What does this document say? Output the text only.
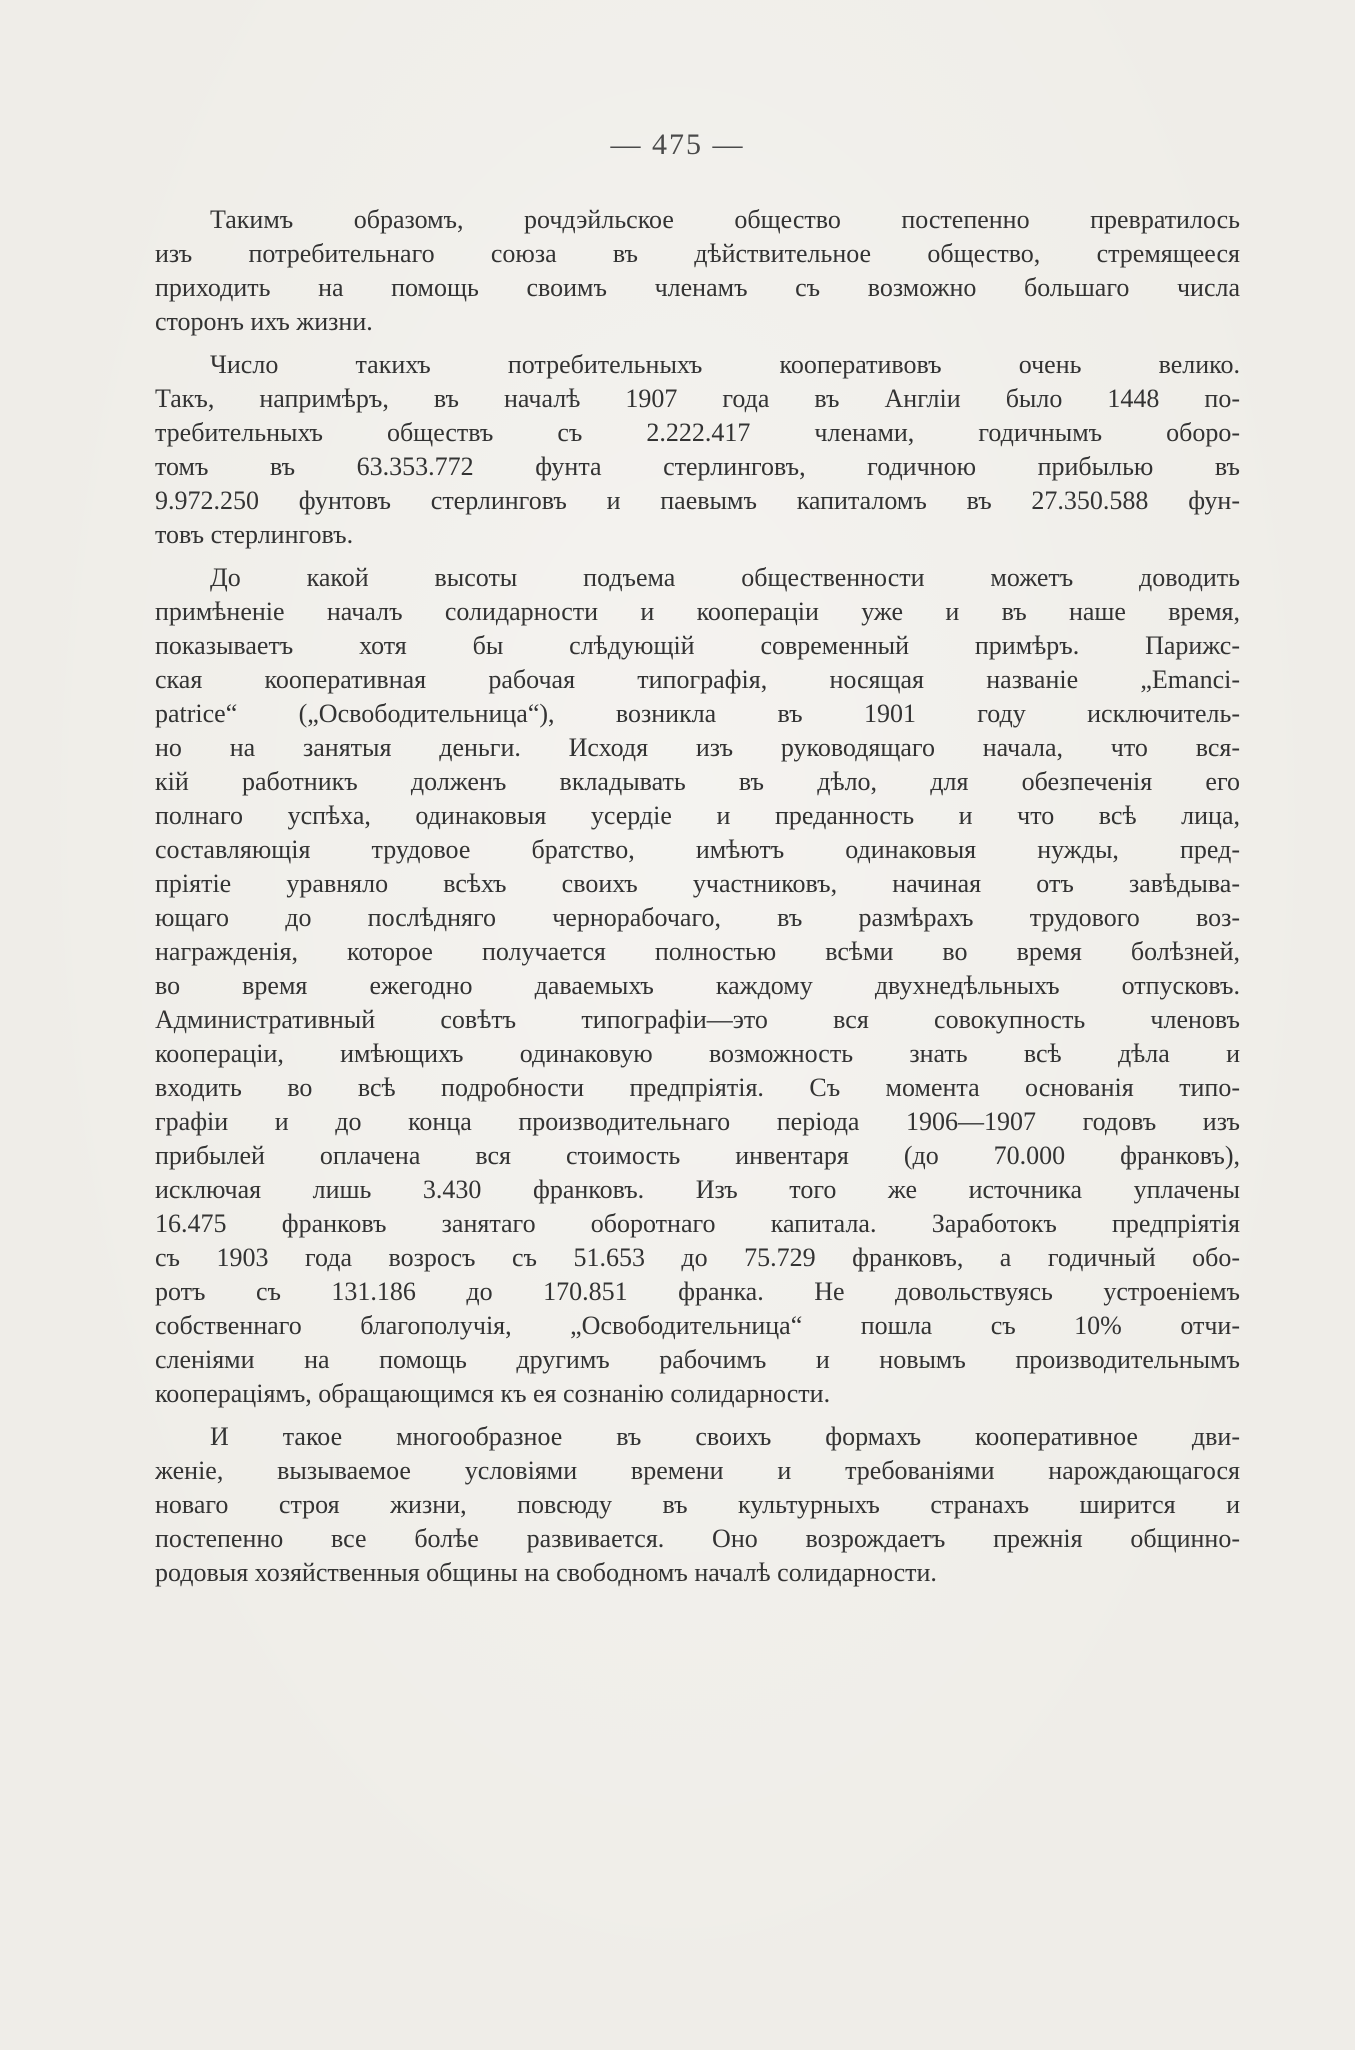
— 475 —
Такимъ образомъ, рочдэйльское общество постепенно превратилось
изъ потребительнаго союза въ дѣйствительное общество, стремящееся
приходить на помощь своимъ членамъ съ возможно большаго числа
сторонъ ихъ жизни.
Число такихъ потребительныхъ кооперативовъ очень велико.
Такъ, напримѣръ, въ началѣ 1907 года въ Англіи было 1448 по-
требительныхъ обществъ съ 2.222.417 членами, годичнымъ оборо-
томъ въ 63.353.772 фунта стерлинговъ, годичною прибылью въ
9.972.250 фунтовъ стерлинговъ и паевымъ капиталомъ въ 27.350.588 фун-
товъ стерлинговъ.
До какой высоты подъема общественности можетъ доводить
примѣненіе началъ солидарности и кооперацiи уже и въ наше время,
показываетъ хотя бы слѣдующій современный примѣръ. Парижс-
ская кооперативная рабочая типографія, носящая названіе „Emanci-
patrice“ („Освободительница“), возникла въ 1901 году исключитель-
но на занятыя деньги. Исходя изъ руководящаго начала, что вся-
кій работникъ долженъ вкладывать въ дѣло, для обезпеченія его
полнаго успѣха, одинаковыя усердіе и преданность и что всѣ лица,
составляющія трудовое братство, имѣютъ одинаковыя нужды, пред-
пріятіе уравняло всѣхъ своихъ участниковъ, начиная отъ завѣдыва-
ющаго до послѣдняго чернорабочаго, въ размѣрахъ трудового воз-
награжденія, которое получается полностью всѣми во время болѣзней,
во время ежегодно даваемыхъ каждому двухнедѣльныхъ отпусковъ.
Административный совѣтъ типографіи—это вся совокупность членовъ
кооперацiи, имѣющихъ одинаковую возможность знать всѣ дѣла и
входить во всѣ подробности предпріятія. Съ момента основанія типо-
графіи и до конца производительнаго періода 1906—1907 годовъ изъ
прибылей оплачена вся стоимость инвентаря (до 70.000 франковъ),
исключая лишь 3.430 франковъ. Изъ того же источника уплачены
16.475 франковъ занятаго оборотнаго капитала. Заработокъ предпріятія
съ 1903 года возросъ съ 51.653 до 75.729 франковъ, а годичный обо-
ротъ съ 131.186 до 170.851 франка. Не довольствуясь устроеніемъ
собственнаго благополучія, „Освободительница“ пошла съ 10% отчи-
сленіями на помощь другимъ рабочимъ и новымъ производительнымъ
кооперацiямъ, обращающимся къ ея сознанію солидарности.
И такое многообразное въ своихъ формахъ кооперативное дви-
женіе, вызываемое условіями времени и требованіями нарождающагося
новаго строя жизни, повсюду въ культурныхъ странахъ ширится и
постепенно все болѣе развивается. Оно возрождаетъ прежнія общинно-
родовыя хозяйственныя общины на свободномъ началѣ солидарности.
